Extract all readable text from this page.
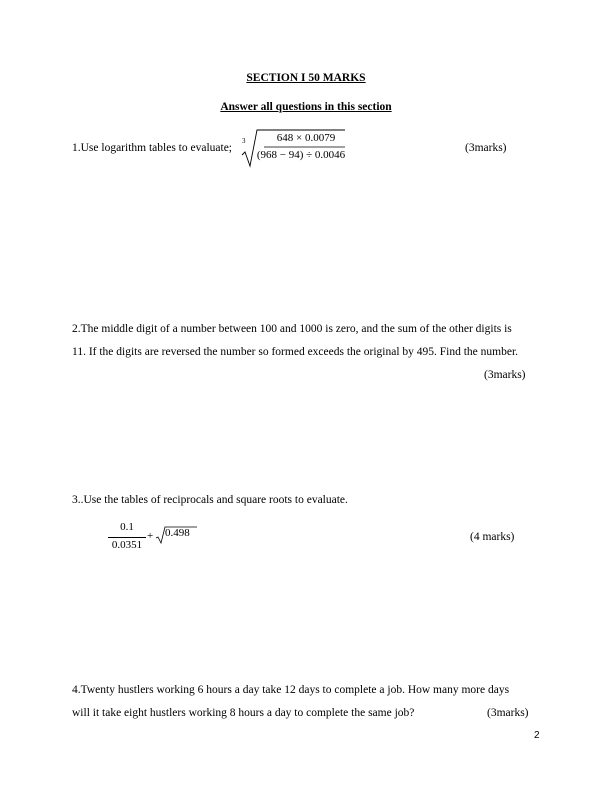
SECTION I 50 MARKS
Answer all questions in this section
1.Use logarithm tables to evaluate;
3	648 × 0.0079
(968 − 94) ÷ 0.0046
(3marks)
2.The middle digit of a number between 100 and 1000 is zero, and the sum of the other digits is
11. If the digits are reversed the number so formed exceeds the original by 495. Find the number.
(3marks)
3..Use the tables of reciprocals and square roots to evaluate.
0.1
0.0351
+ 0.498	(4 marks)
4.Twenty hustlers working 6 hours a day take 12 days to complete a job. How many more days
will it take eight hustlers working 8 hours a day to complete the same job?	(3marks)
2
